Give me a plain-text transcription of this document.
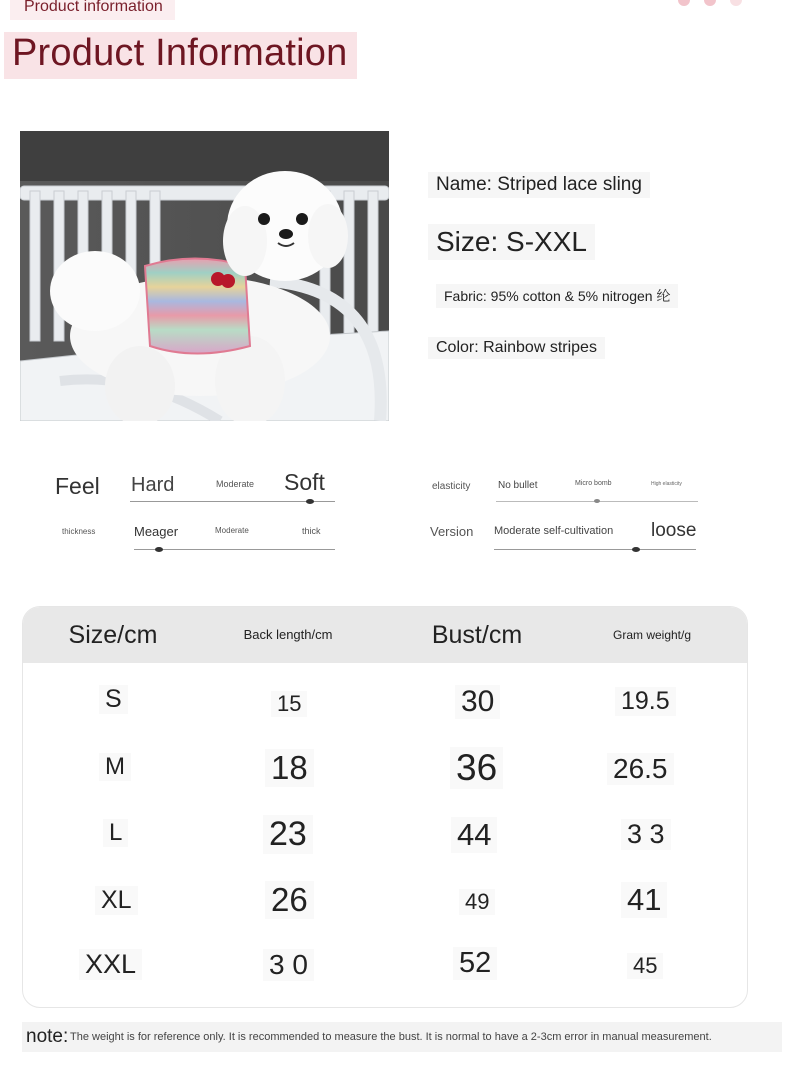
Product information
Product Information
Name: Striped lace sling
Size: S-XXL
Fabric: 95% cotton & 5% nitrogen 纶
Color: Rainbow stripes
Feel Hard	Moderate Soft	elasticity	No bullet	Micro bomb	High elasticity
thickness	Meager	Moderate	thick	Version Moderate self-cultivation loose
Size/cm	Back length/cm	Bust/cm	Gram weight/g
S	15	30	19.5
M	18	36	26.5
L	23	44	3 3
XL	26	49	41
XXL	3 0	52	45
note: The weight is for reference only. It is recommended to measure the bust. It is normal to have a 2-3cm error in manual measurement.
